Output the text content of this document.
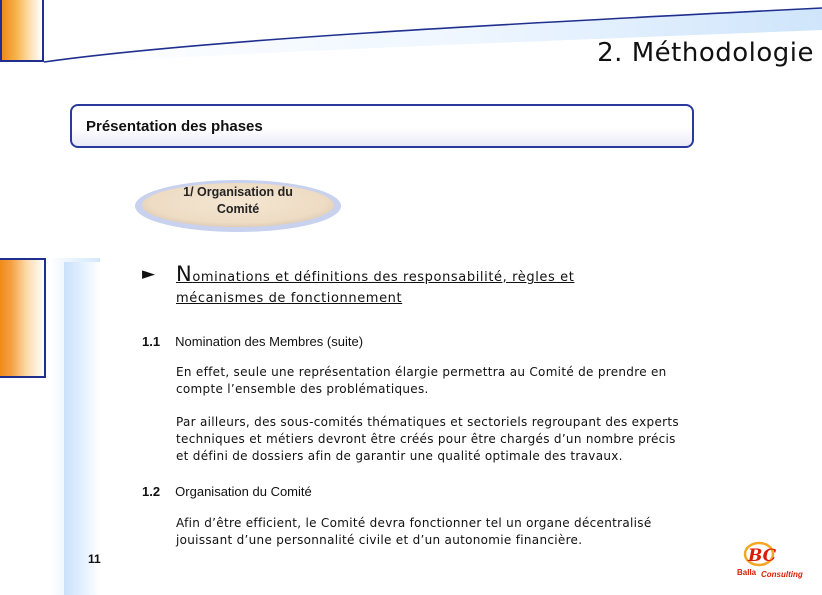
2. Méthodologie
Présentation des phases
1/ Organisation du
Comité
► Nominations et définitions des responsabilité, règles et
mécanismes de fonctionnement
1.1 Nomination des Membres (suite)
En effet, seule une représentation élargie permettra au Comité de prendre en
compte l’ensemble des problématiques.
Par ailleurs, des sous-comités thématiques et sectoriels regroupant des experts
techniques et métiers devront être créés pour être chargés d’un nombre précis
et défini de dossiers afin de garantir une qualité optimale des travaux.
1.2 Organisation du Comité
Afin d’être efficient, le Comité devra fonctionner tel un organe décentralisé
jouissant d’une personnalité civile et d’un autonomie financière.
11	BC
Balla Consulting
